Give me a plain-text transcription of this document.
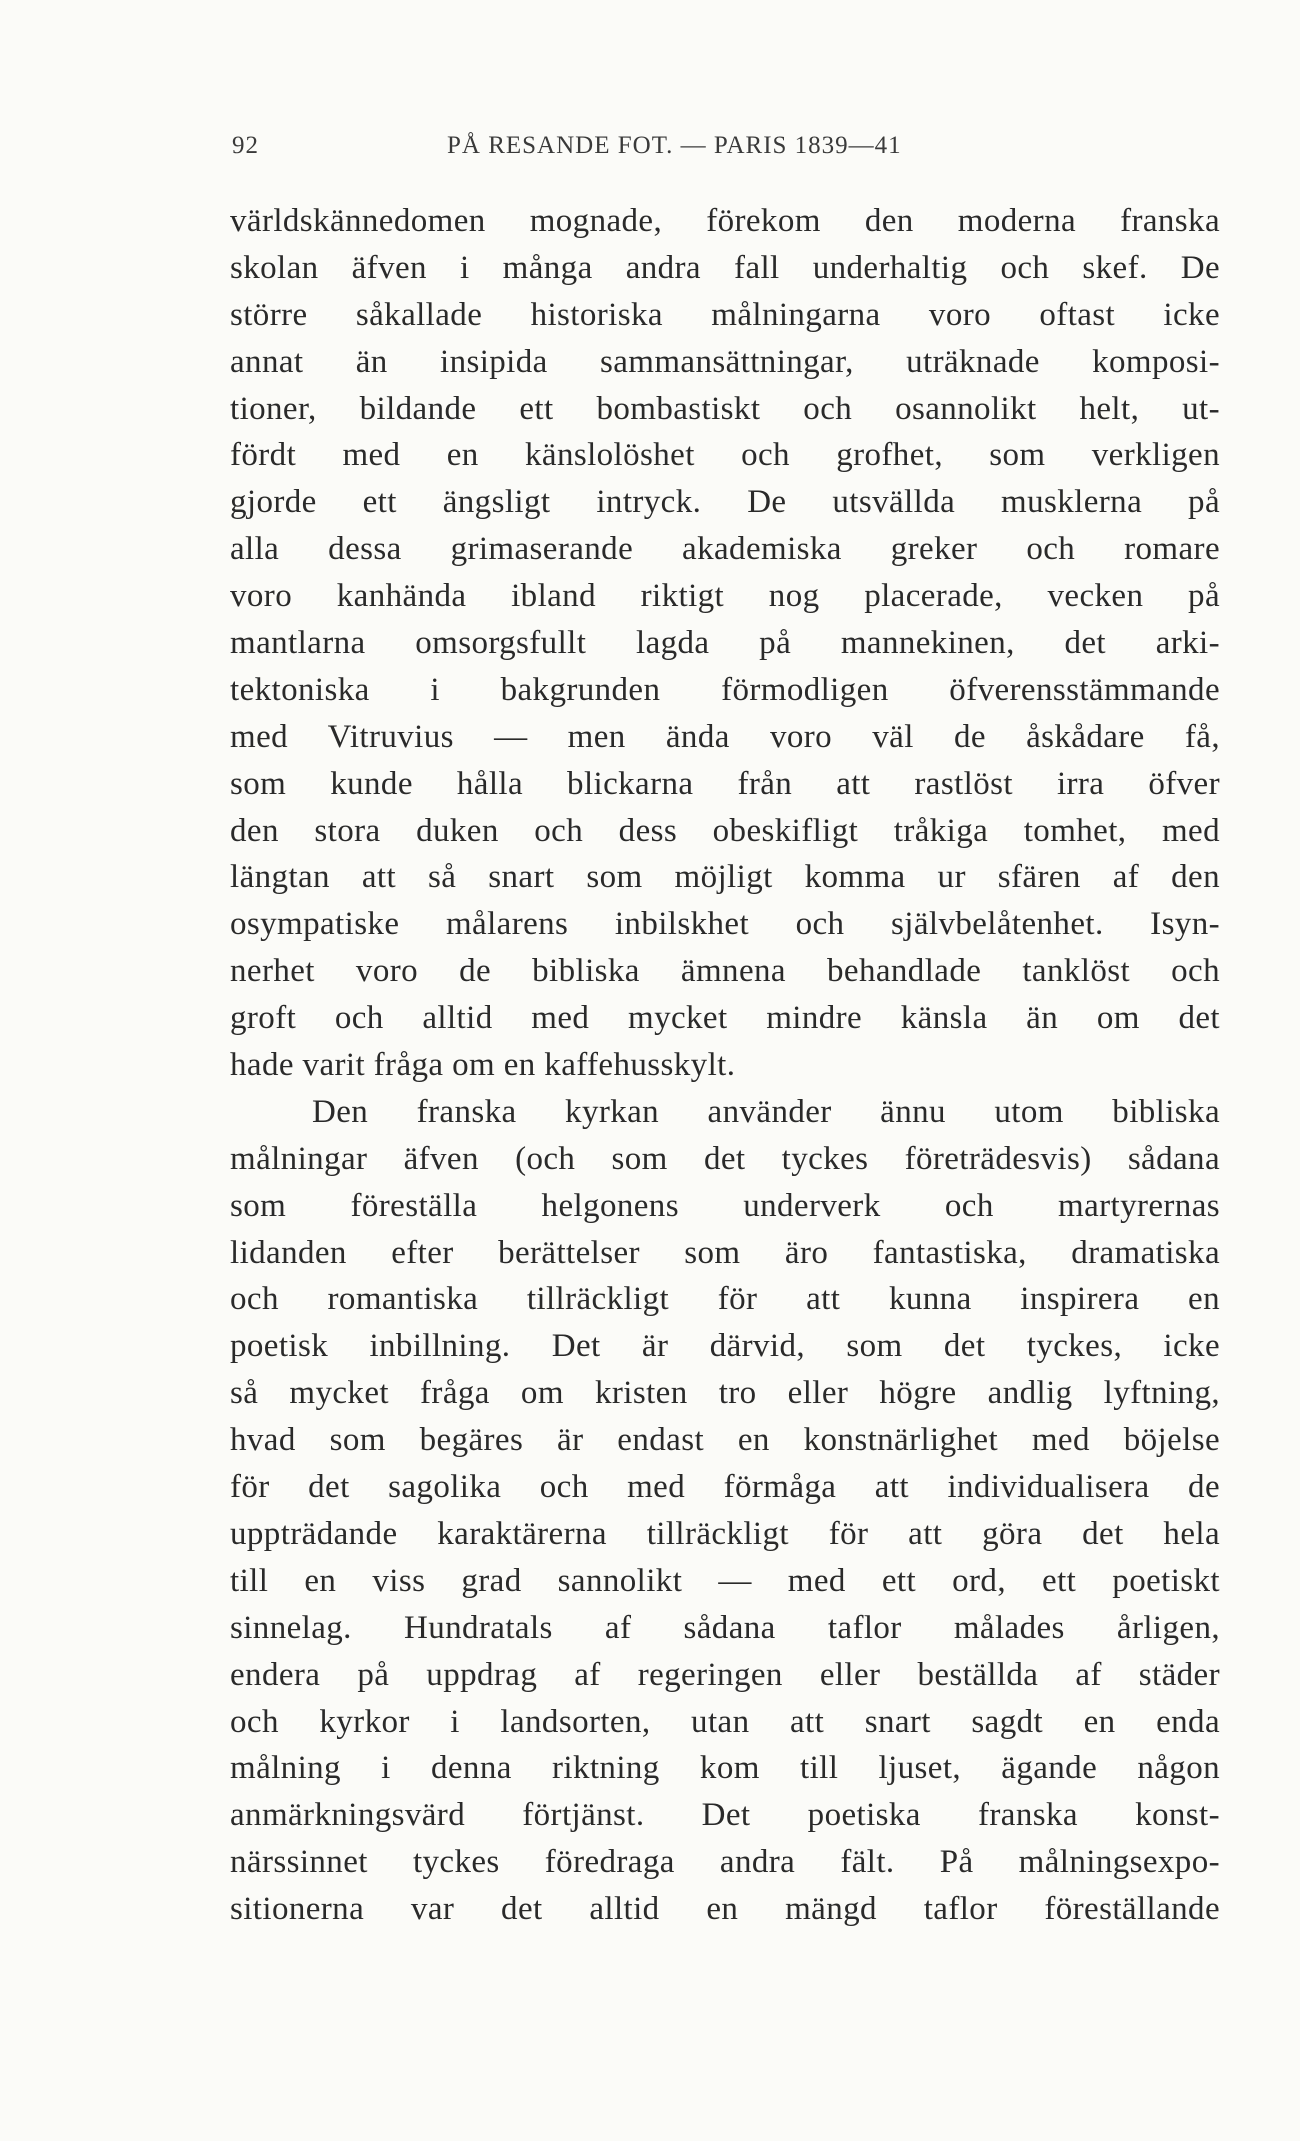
92	PÅ RESANDE FOT. — PARIS 1839—41
världskännedomen mognade, förekom den moderna franska
skolan äfven i många andra fall underhaltig och skef. De
större såkallade historiska målningarna voro oftast icke
annat än insipida sammansättningar, uträknade komposi-
tioner, bildande ett bombastiskt och osannolikt helt, ut-
fördt med en känslolöshet och grofhet, som verkligen
gjorde ett ängsligt intryck. De utsvällda musklerna på
alla dessa grimaserande akademiska greker och romare
voro kanhända ibland riktigt nog placerade, vecken på
mantlarna omsorgsfullt lagda på mannekinen, det arki-
tektoniska i bakgrunden förmodligen öfverensstämmande
med Vitruvius — men ända voro väl de åskådare få,
som kunde hålla blickarna från att rastlöst irra öfver
den stora duken och dess obeskifligt tråkiga tomhet, med
längtan att så snart som möjligt komma ur sfären af den
osympatiske målarens inbilskhet och självbelåtenhet. Isyn-
nerhet voro de bibliska ämnena behandlade tanklöst och
groft och alltid med mycket mindre känsla än om det
hade varit fråga om en kaffehusskylt.
Den franska kyrkan använder ännu utom bibliska
målningar äfven (och som det tyckes företrädesvis) sådana
som föreställa helgonens underverk och martyrernas
lidanden efter berättelser som äro fantastiska, dramatiska
och romantiska tillräckligt för att kunna inspirera en
poetisk inbillning. Det är därvid, som det tyckes, icke
så mycket fråga om kristen tro eller högre andlig lyftning,
hvad som begäres är endast en konstnärlighet med böjelse
för det sagolika och med förmåga att individualisera de
uppträdande karaktärerna tillräckligt för att göra det hela
till en viss grad sannolikt — med ett ord, ett poetiskt
sinnelag. Hundratals af sådana taflor målades årligen,
endera på uppdrag af regeringen eller beställda af städer
och kyrkor i landsorten, utan att snart sagdt en enda
målning i denna riktning kom till ljuset, ägande någon
anmärkningsvärd förtjänst. Det poetiska franska konst-
närssinnet tyckes föredraga andra fält. På målningsexpo-
sitionerna var det alltid en mängd taflor föreställande
